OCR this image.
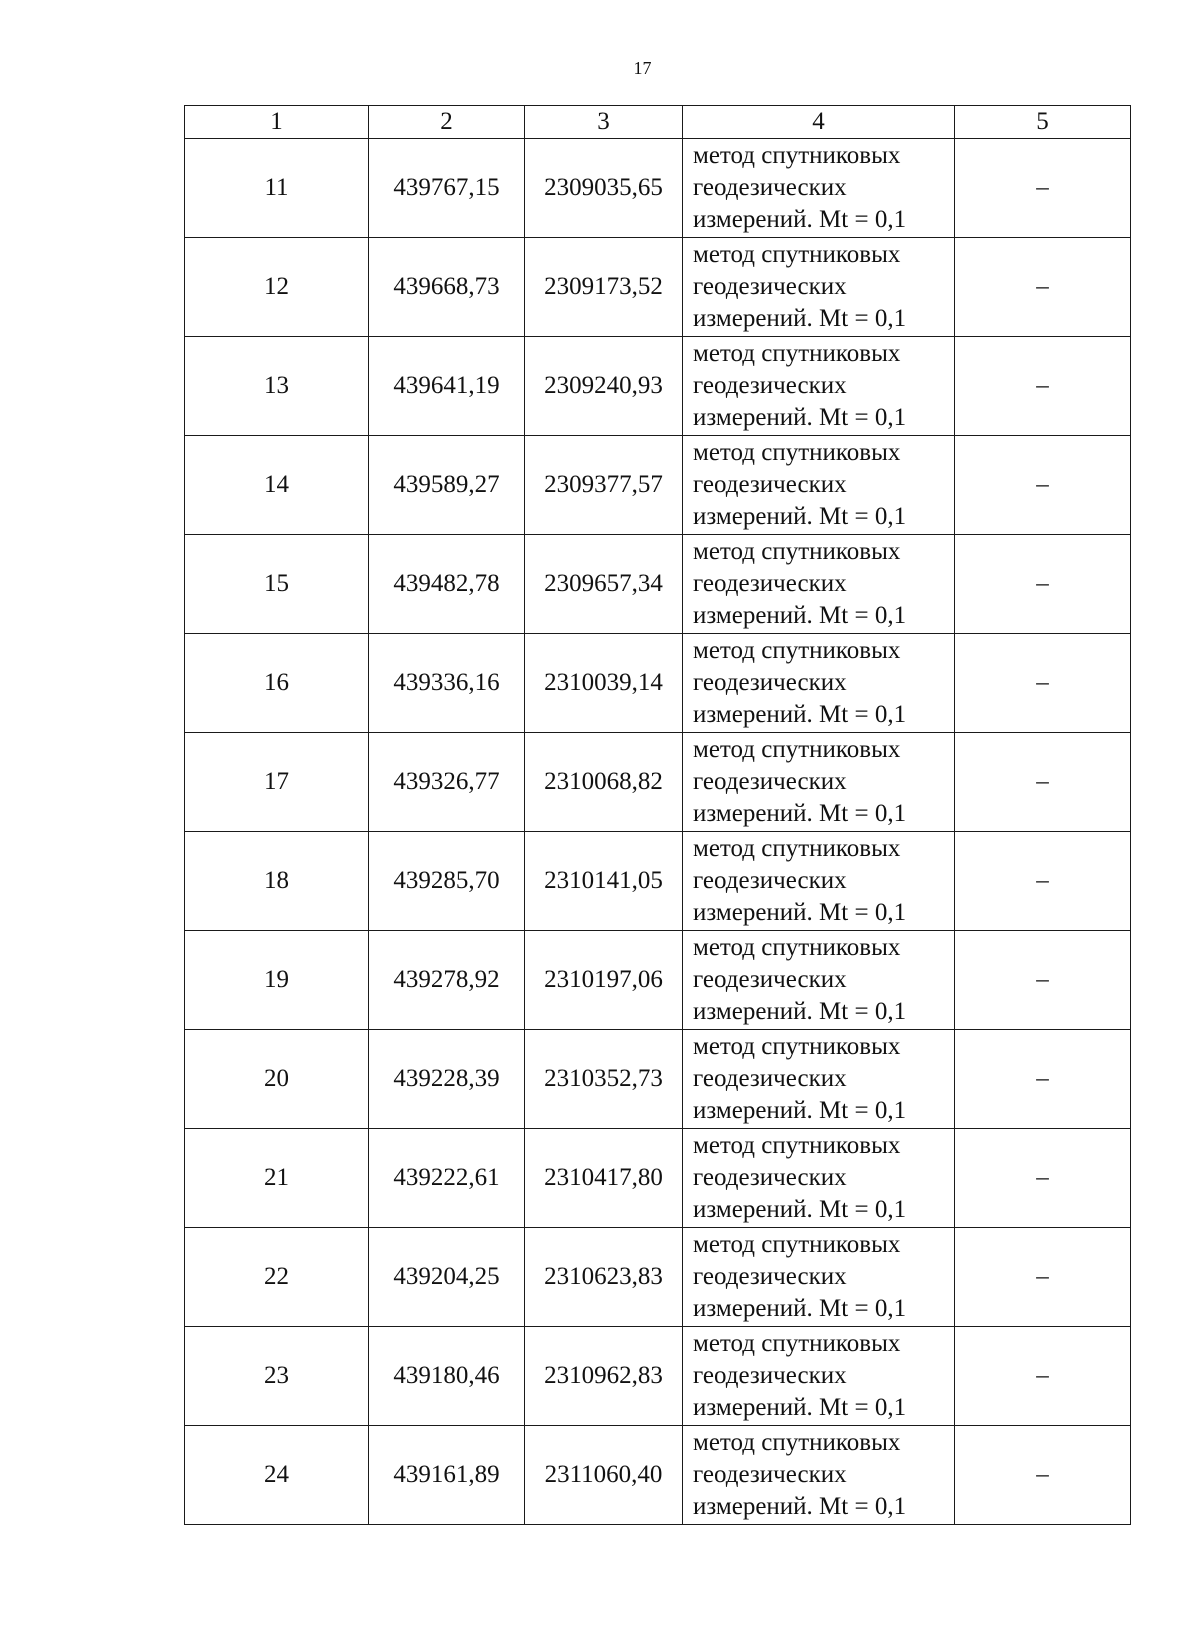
17
1	2	3	4	5
11	439767,15	2309035,65	метод спутниковых
геодезических
измерений. Mt = 0,1	–
12	439668,73	2309173,52	метод спутниковых
геодезических
измерений. Mt = 0,1	–
13	439641,19	2309240,93	метод спутниковых
геодезических
измерений. Mt = 0,1	–
14	439589,27	2309377,57	метод спутниковых
геодезических
измерений. Mt = 0,1	–
15	439482,78	2309657,34	метод спутниковых
геодезических
измерений. Mt = 0,1	–
16	439336,16	2310039,14	метод спутниковых
геодезических
измерений. Mt = 0,1	–
17	439326,77	2310068,82	метод спутниковых
геодезических
измерений. Mt = 0,1	–
18	439285,70	2310141,05	метод спутниковых
геодезических
измерений. Mt = 0,1	–
19	439278,92	2310197,06	метод спутниковых
геодезических
измерений. Mt = 0,1	–
20	439228,39	2310352,73	метод спутниковых
геодезических
измерений. Mt = 0,1	–
21	439222,61	2310417,80	метод спутниковых
геодезических
измерений. Mt = 0,1	–
22	439204,25	2310623,83	метод спутниковых
геодезических
измерений. Mt = 0,1	–
23	439180,46	2310962,83	метод спутниковых
геодезических
измерений. Mt = 0,1	–
24	439161,89	2311060,40	метод спутниковых
геодезических
измерений. Mt = 0,1	–
